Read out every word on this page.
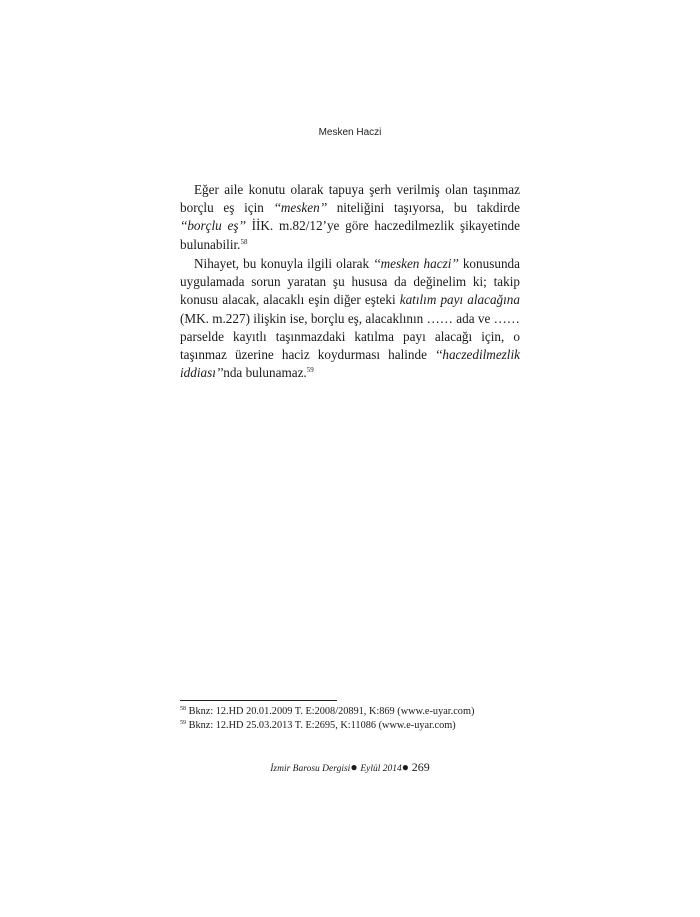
Mesken Haczi

Eğer aile konutu olarak tapuya şerh verilmiş olan taşınmaz borçlu eş için ‘‘mesken’’ niteliğini taşıyorsa, bu takdirde ‘‘borçlu eş’’ İİK. m.82/12’ye göre haczedilmezlik şikayetinde bulunabilir.$^{58}$

Nihayet, bu konuyla ilgili olarak ‘‘mesken haczi’’ konusunda uygulamada sorun yaratan şu hususa da değinelim ki; takip konusu alacak, alacaklı eşin diğer eşteki katılım payı alacağına (MK. m.227) ilişkin ise, borçlu eş, alacaklının …… ada ve …… parselde kayıtlı taşınmazdaki katılma payı alacağı için, o taşınmaz üzerine haciz koydurması halinde ‘‘haczedilmezlik iddiası’’nda bulunamaz.$^{59}$

$^{58}$ Bknz: 12.HD 20.01.2009 T. E:2008/20891, K:869 (www.e-uyar.com)
$^{59}$ Bknz: 12.HD 25.03.2013 T. E:2695, K:11086 (www.e-uyar.com)
İzmir Barosu Dergisi● Eylül 2014● 269
